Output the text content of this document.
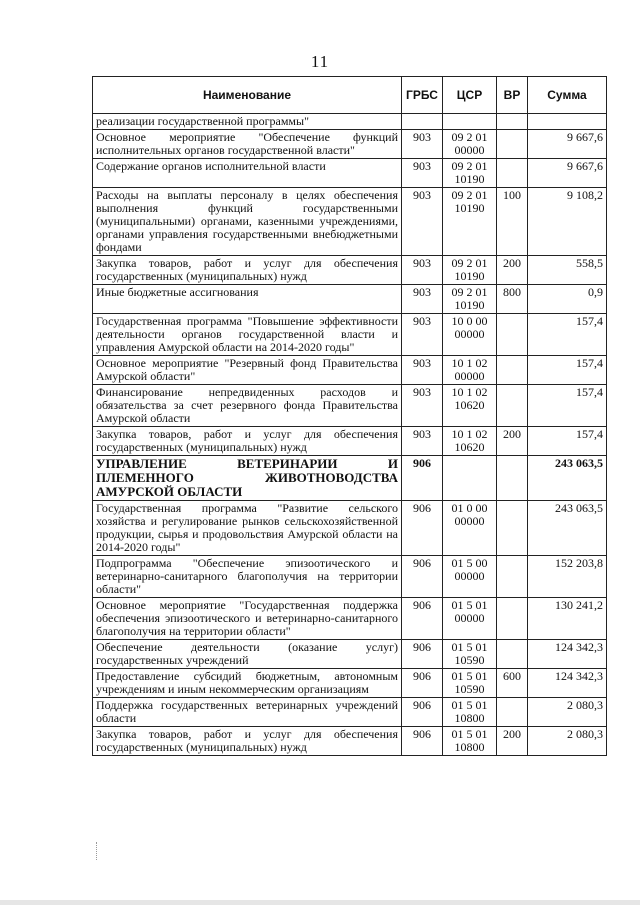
11
Наименование	ГРБС	ЦСР	ВР	Сумма
реализации государственной программы"				
Основное мероприятие "Обеспечение функций исполнительных органов государственной власти"	903	09 2 01 00000		9 667,6
Содержание органов исполнительной власти	903	09 2 01 10190		9 667,6
Расходы на выплаты персоналу в целях обеспечения выполнения функций государственными (муниципальными) органами, казенными учреждениями, органами управления государственными внебюджетными фондами	903	09 2 01 10190	100	9 108,2
Закупка товаров, работ и услуг для обеспечения государственных (муниципальных) нужд	903	09 2 01 10190	200	558,5
Иные бюджетные ассигнования	903	09 2 01 10190	800	0,9
Государственная программа "Повышение эффективности деятельности органов государственной власти и управления Амурской области на 2014-2020 годы"	903	10 0 00 00000		157,4
Основное мероприятие "Резервный фонд Правительства Амурской области"	903	10 1 02 00000		157,4
Финансирование непредвиденных расходов и обязательства за счет резервного фонда Правительства Амурской области	903	10 1 02 10620		157,4
Закупка товаров, работ и услуг для обеспечения государственных (муниципальных) нужд	903	10 1 02 10620	200	157,4
УПРАВЛЕНИЕ ВЕТЕРИНАРИИ И ПЛЕМЕННОГО ЖИВОТНОВОДСТВА АМУРСКОЙ ОБЛАСТИ	906			243 063,5
Государственная программа "Развитие сельского хозяйства и регулирование рынков сельскохозяйственной продукции, сырья и продовольствия Амурской области на 2014-2020 годы"	906	01 0 00 00000		243 063,5
Подпрограмма "Обеспечение эпизоотического и ветеринарно-санитарного благополучия на территории области"	906	01 5 00 00000		152 203,8
Основное мероприятие "Государственная поддержка обеспечения эпизоотического и ветеринарно-санитарного благополучия на территории области"	906	01 5 01 00000		130 241,2
Обеспечение деятельности (оказание услуг) государственных учреждений	906	01 5 01 10590		124 342,3
Предоставление субсидий бюджетным, автономным учреждениям и иным некоммерческим организациям	906	01 5 01 10590	600	124 342,3
Поддержка государственных ветеринарных учреждений области	906	01 5 01 10800		2 080,3
Закупка товаров, работ и услуг для обеспечения государственных (муниципальных) нужд	906	01 5 01 10800	200	2 080,3
